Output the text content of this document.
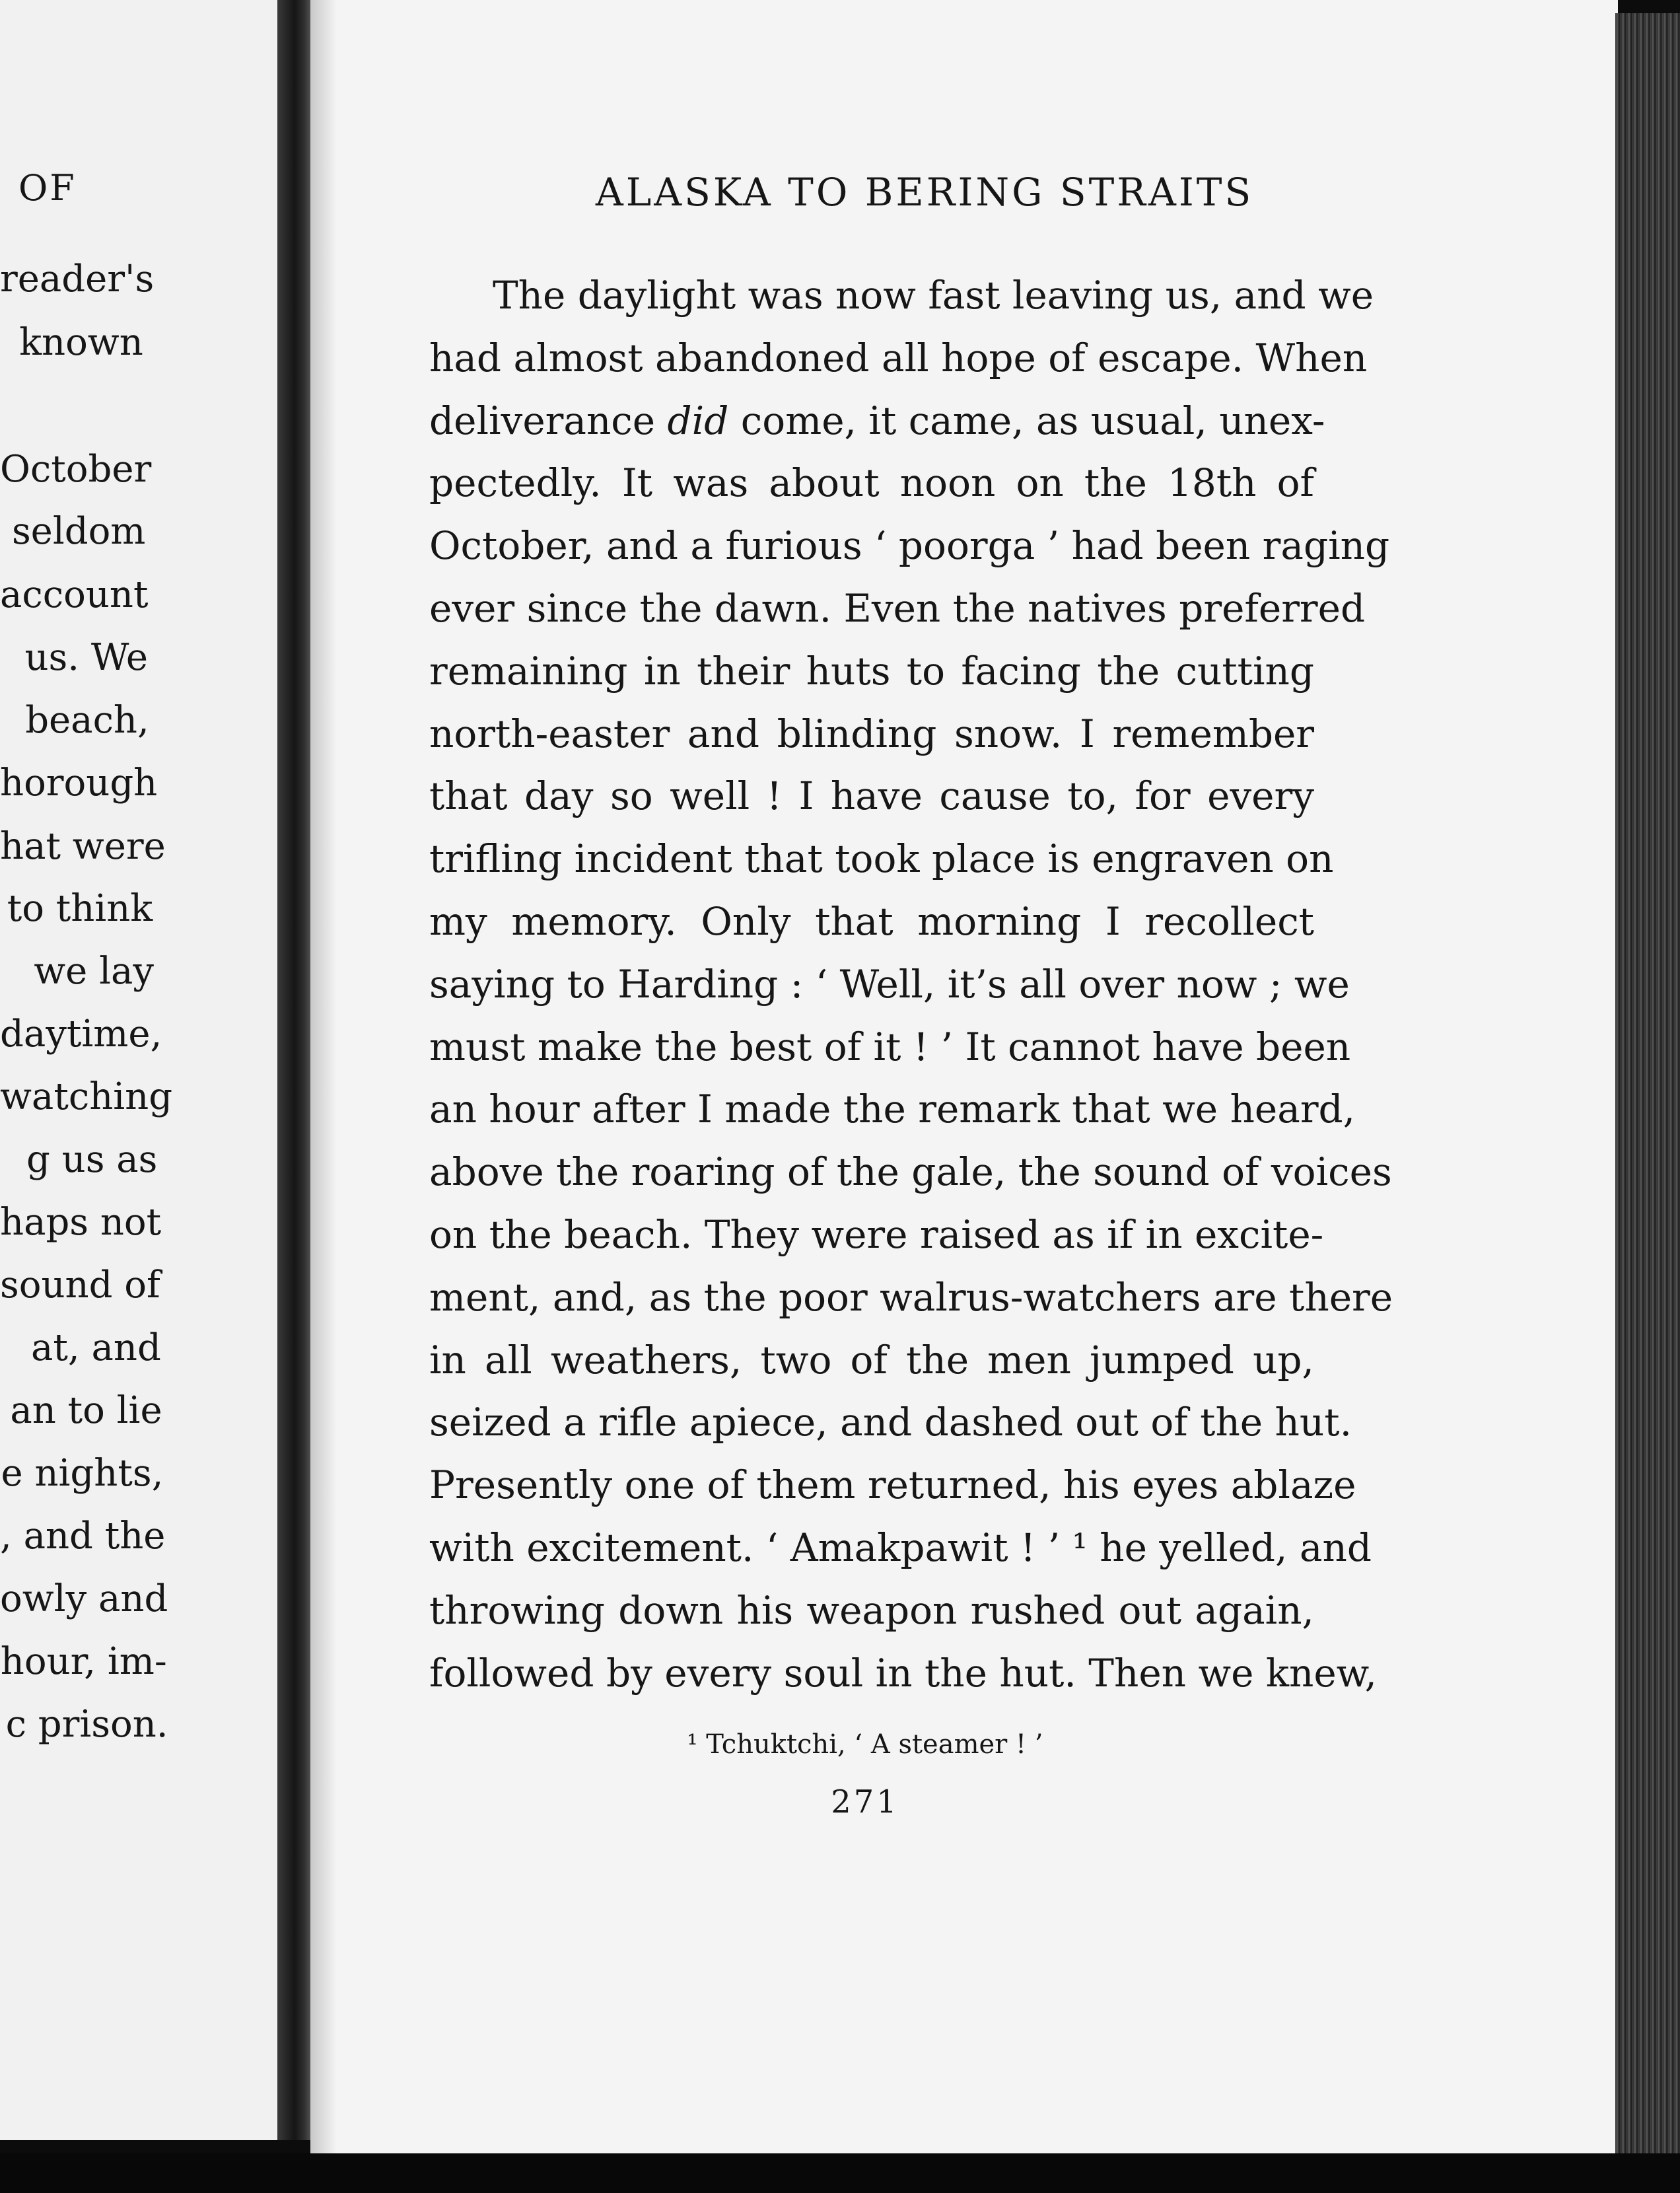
OF
reader's
known
October
seldom
account
us. We
beach,
horough
hat were
to think
we lay
daytime,
watching
g us as
haps not
sound of
at, and
an to lie
e nights,
, and the
owly and
hour, im-
c prison.
ALASKA TO BERING STRAITS
The daylight was now fast leaving us, and we
had almost abandoned all hope of escape. When
deliverance did come, it came, as usual, unex-
pectedly. It was about noon on the 18th of
October, and a furious ‘ poorga ’ had been raging
ever since the dawn. Even the natives preferred
remaining in their huts to facing the cutting
north-easter and blinding snow. I remember
that day so well ! I have cause to, for every
trifling incident that took place is engraven on
my memory. Only that morning I recollect
saying to Harding : ‘ Well, it’s all over now ; we
must make the best of it ! ’ It cannot have been
an hour after I made the remark that we heard,
above the roaring of the gale, the sound of voices
on the beach. They were raised as if in excite-
ment, and, as the poor walrus-watchers are there
in all weathers, two of the men jumped up,
seized a rifle apiece, and dashed out of the hut.
Presently one of them returned, his eyes ablaze
with excitement. ‘ Amakpawit ! ’ ¹ he yelled, and
throwing down his weapon rushed out again,
followed by every soul in the hut. Then we knew,
¹ Tchuktchi, ‘ A steamer ! ’
271
